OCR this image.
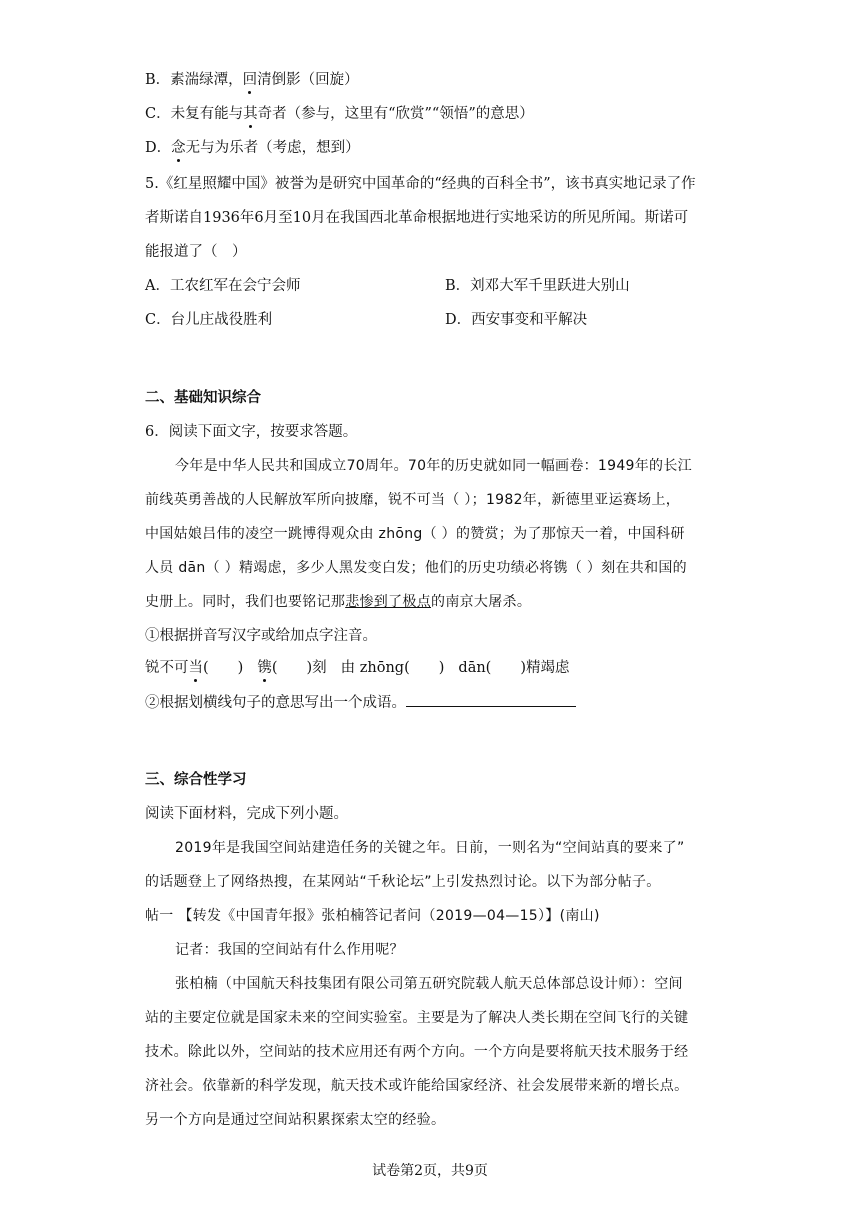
B．素湍绿潭，回清倒影（回旋）
C．未复有能与其奇者（参与，这里有“欣赏”“领悟”的意思）
D．念无与为乐者（考虑，想到）
5.《红星照耀中国》被誉为是研究中国革命的“经典的百科全书”，该书真实地记录了作
者斯诺自1936年6月至10月在我国西北革命根据地进行实地采访的所见所闻。斯诺可
能报道了（　）
A．工农红军在会宁会师	B．刘邓大军千里跃进大别山
C．台儿庄战役胜利	D．西安事变和平解决
二、基础知识综合
6．阅读下面文字，按要求答题。
今年是中华人民共和国成立70周年。70年的历史就如同一幅画卷：1949年的长江
前线英勇善战的人民解放军所向披靡，锐不可当（ ）；1982年，新德里亚运赛场上，
中国姑娘吕伟的凌空一跳博得观众由 zhōng（ ）的赞赏；为了那惊天一着，中国科研
人员 dān（ ）精竭虑，多少人黑发变白发；他们的历史功绩必将镌（ ）刻在共和国的
史册上。同时，我们也要铭记那悲惨到了极点的南京大屠杀。
①根据拼音写汉字或给加点字注音。
锐不可当(　　) 镌(　　)刻 由 zhōng(　　) dān(　　)精竭虑
②根据划横线句子的意思写出一个成语。
三、综合性学习
阅读下面材料，完成下列小题。
2019年是我国空间站建造任务的关键之年。日前，一则名为“空间站真的要来了”
的话题登上了网络热搜，在某网站“千秋论坛”上引发热烈讨论。以下为部分帖子。
帖一 【转发《中国青年报》张柏楠答记者问（2019—04—15）】(南山)
记者：我国的空间站有什么作用呢？
张柏楠（中国航天科技集团有限公司第五研究院载人航天总体部总设计师）：空间
站的主要定位就是国家未来的空间实验室。主要是为了解决人类长期在空间飞行的关键
技术。除此以外，空间站的技术应用还有两个方向。一个方向是要将航天技术服务于经
济社会。依靠新的科学发现，航天技术或许能给国家经济、社会发展带来新的增长点。
另一个方向是通过空间站积累探索太空的经验。
试卷第2页，共9页
